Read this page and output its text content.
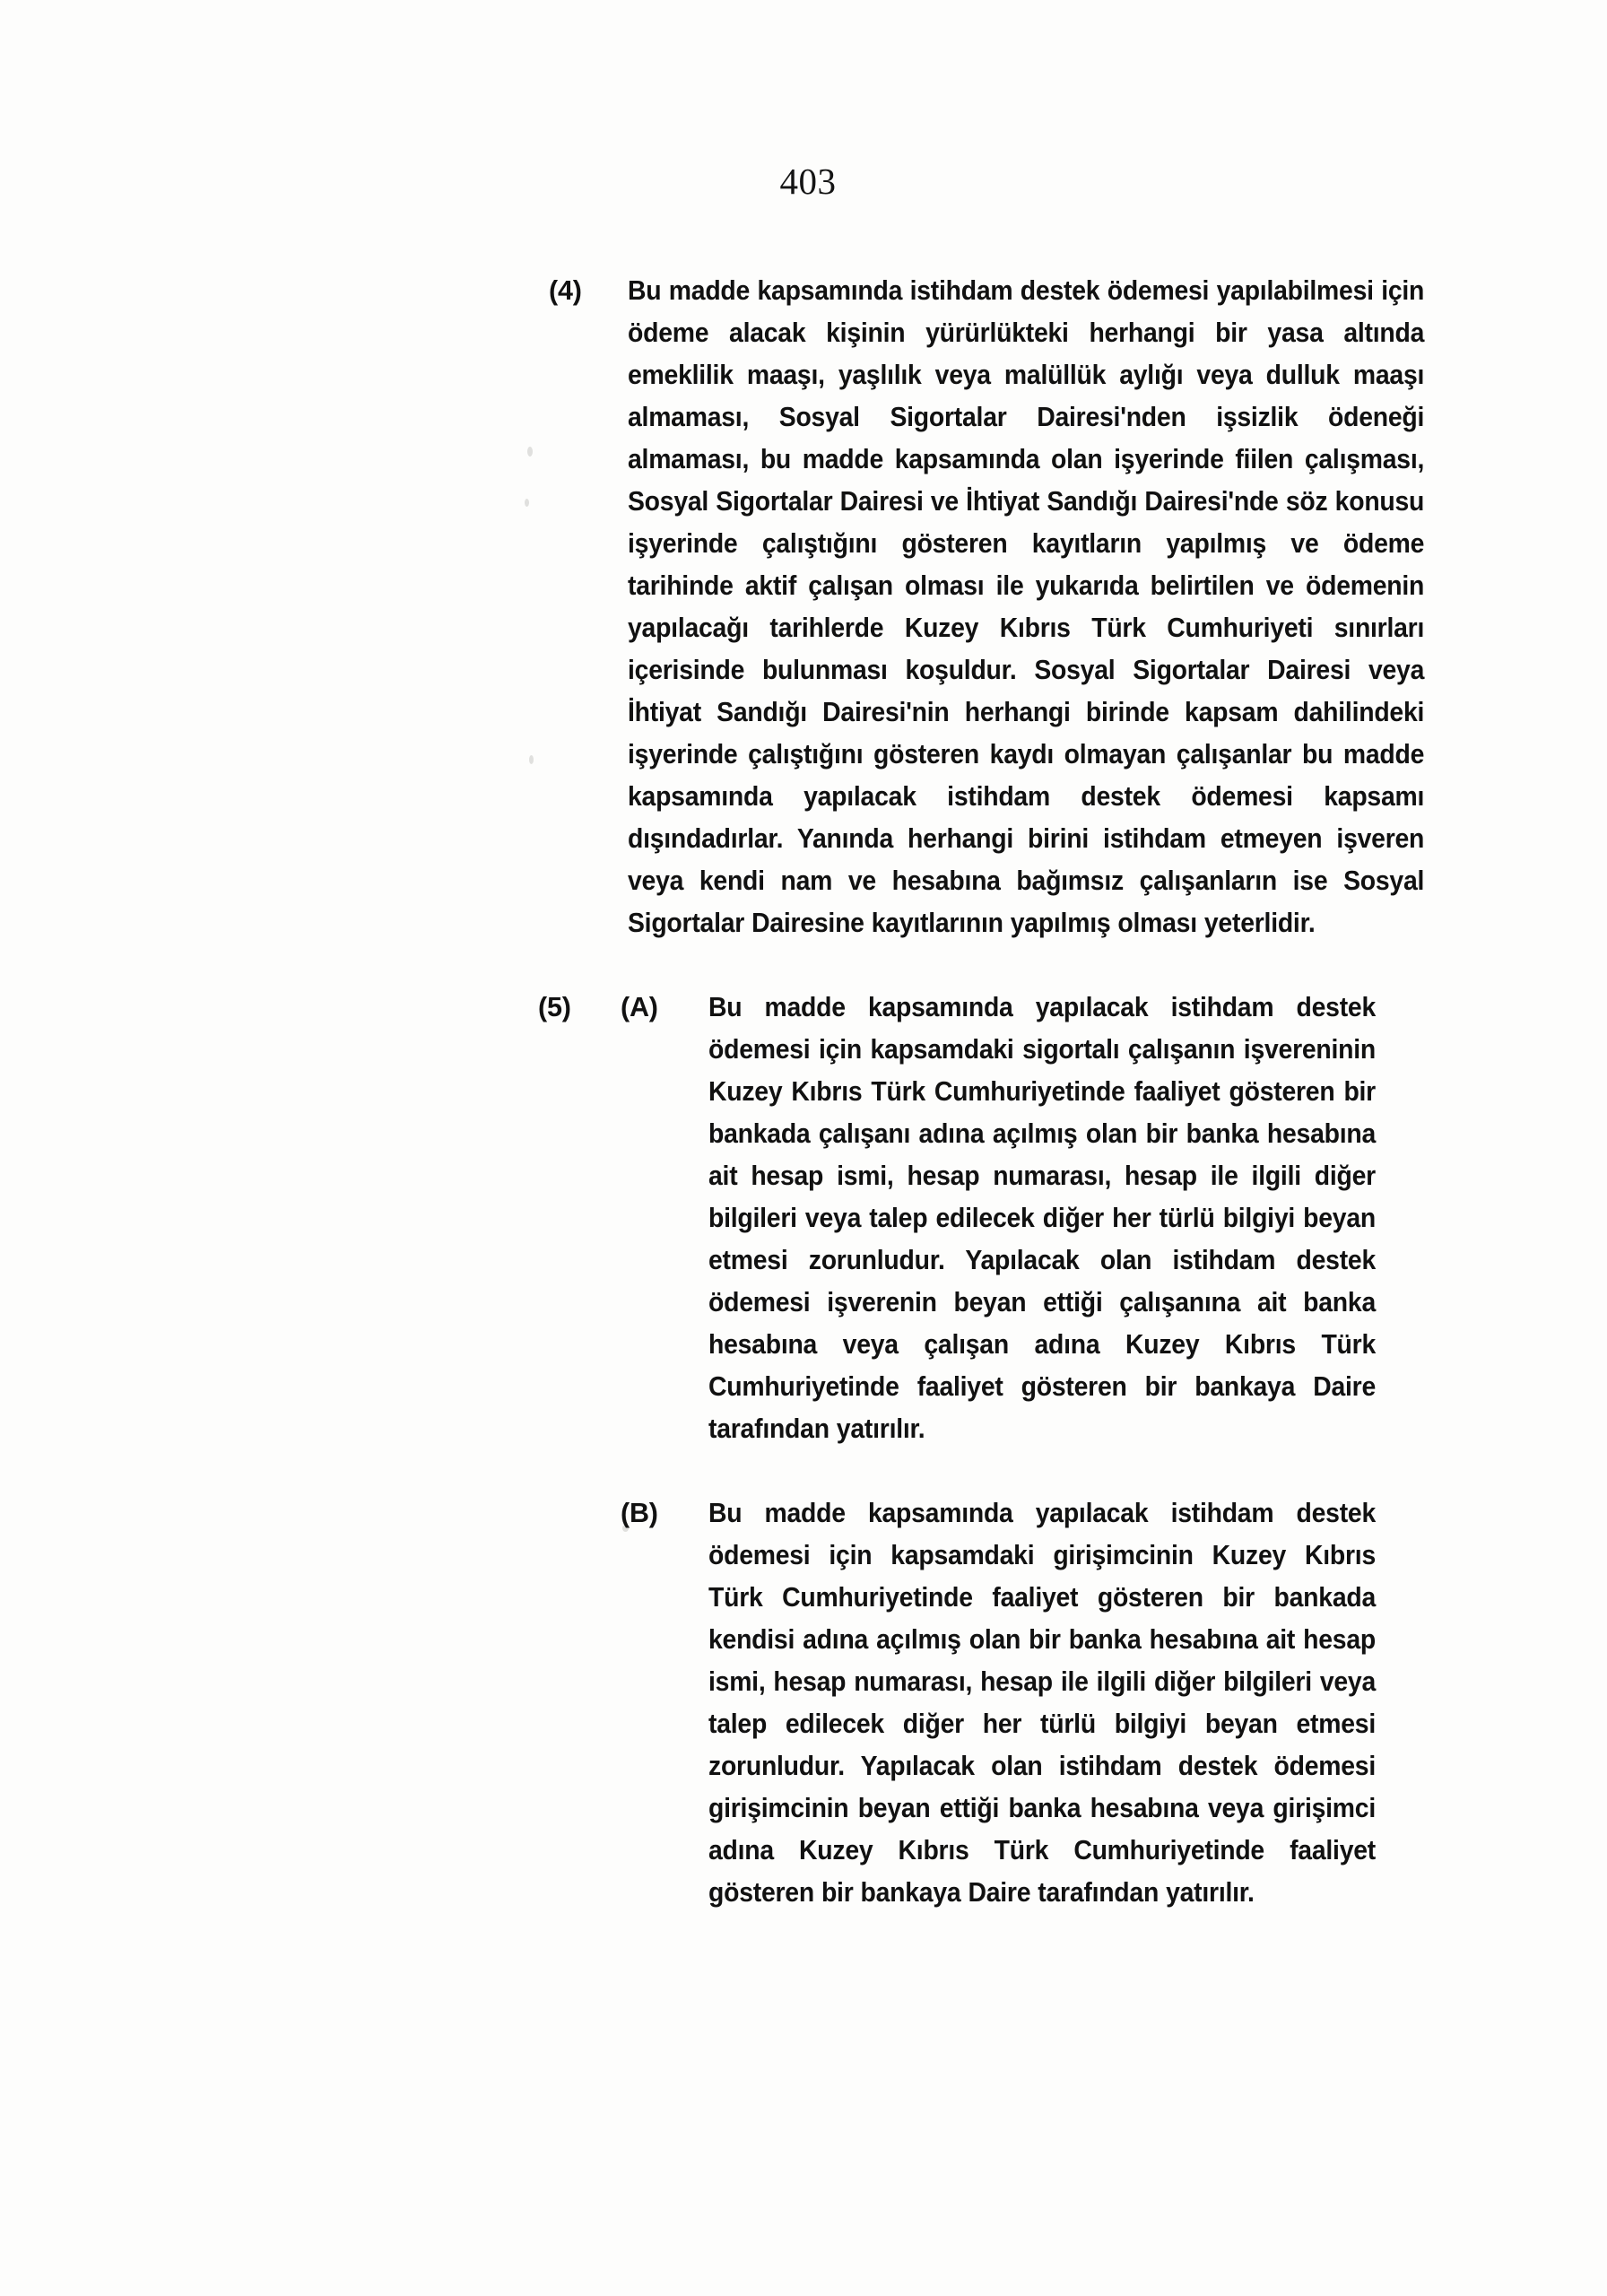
403
(4) Bu madde kapsamında istihdam destek ödemesi yapılabilmesi için ödeme alacak kişinin yürürlükteki herhangi bir yasa altında emeklilik maaşı, yaşlılık veya malüllük aylığı veya dulluk maaşı almaması, Sosyal Sigortalar Dairesi'nden işsizlik ödeneği almaması, bu madde kapsamında olan işyerinde fiilen çalışması, Sosyal Sigortalar Dairesi ve İhtiyat Sandığı Dairesi'nde söz konusu işyerinde çalıştığını gösteren kayıtların yapılmış ve ödeme tarihinde aktif çalışan olması ile yukarıda belirtilen ve ödemenin yapılacağı tarihlerde Kuzey Kıbrıs Türk Cumhuriyeti sınırları içerisinde bulunması koşuldur. Sosyal Sigortalar Dairesi veya İhtiyat Sandığı Dairesi'nin herhangi birinde kapsam dahilindeki işyerinde çalıştığını gösteren kaydı olmayan çalışanlar bu madde kapsamında yapılacak istihdam destek ödemesi kapsamı dışındadırlar. Yanında herhangi birini istihdam etmeyen işveren veya kendi nam ve hesabına bağımsız çalışanların ise Sosyal Sigortalar Dairesine kayıtlarının yapılmış olması yeterlidir.

(5) (A) Bu madde kapsamında yapılacak istihdam destek ödemesi için kapsamdaki sigortalı çalışanın işvereninin Kuzey Kıbrıs Türk Cumhuriyetinde faaliyet gösteren bir bankada çalışanı adına açılmış olan bir banka hesabına ait hesap ismi, hesap numarası, hesap ile ilgili diğer bilgileri veya talep edilecek diğer her türlü bilgiyi beyan etmesi zorunludur. Yapılacak olan istihdam destek ödemesi işverenin beyan ettiği çalışanına ait banka hesabına veya çalışan adına Kuzey Kıbrıs Türk Cumhuriyetinde faaliyet gösteren bir bankaya Daire tarafından yatırılır.

(B) Bu madde kapsamında yapılacak istihdam destek ödemesi için kapsamdaki girişimcinin Kuzey Kıbrıs Türk Cumhuriyetinde faaliyet gösteren bir bankada kendisi adına açılmış olan bir banka hesabına ait hesap ismi, hesap numarası, hesap ile ilgili diğer bilgileri veya talep edilecek diğer her türlü bilgiyi beyan etmesi zorunludur. Yapılacak olan istihdam destek ödemesi girişimcinin beyan ettiği banka hesabına veya girişimci adına Kuzey Kıbrıs Türk Cumhuriyetinde faaliyet gösteren bir bankaya Daire tarafından yatırılır.
